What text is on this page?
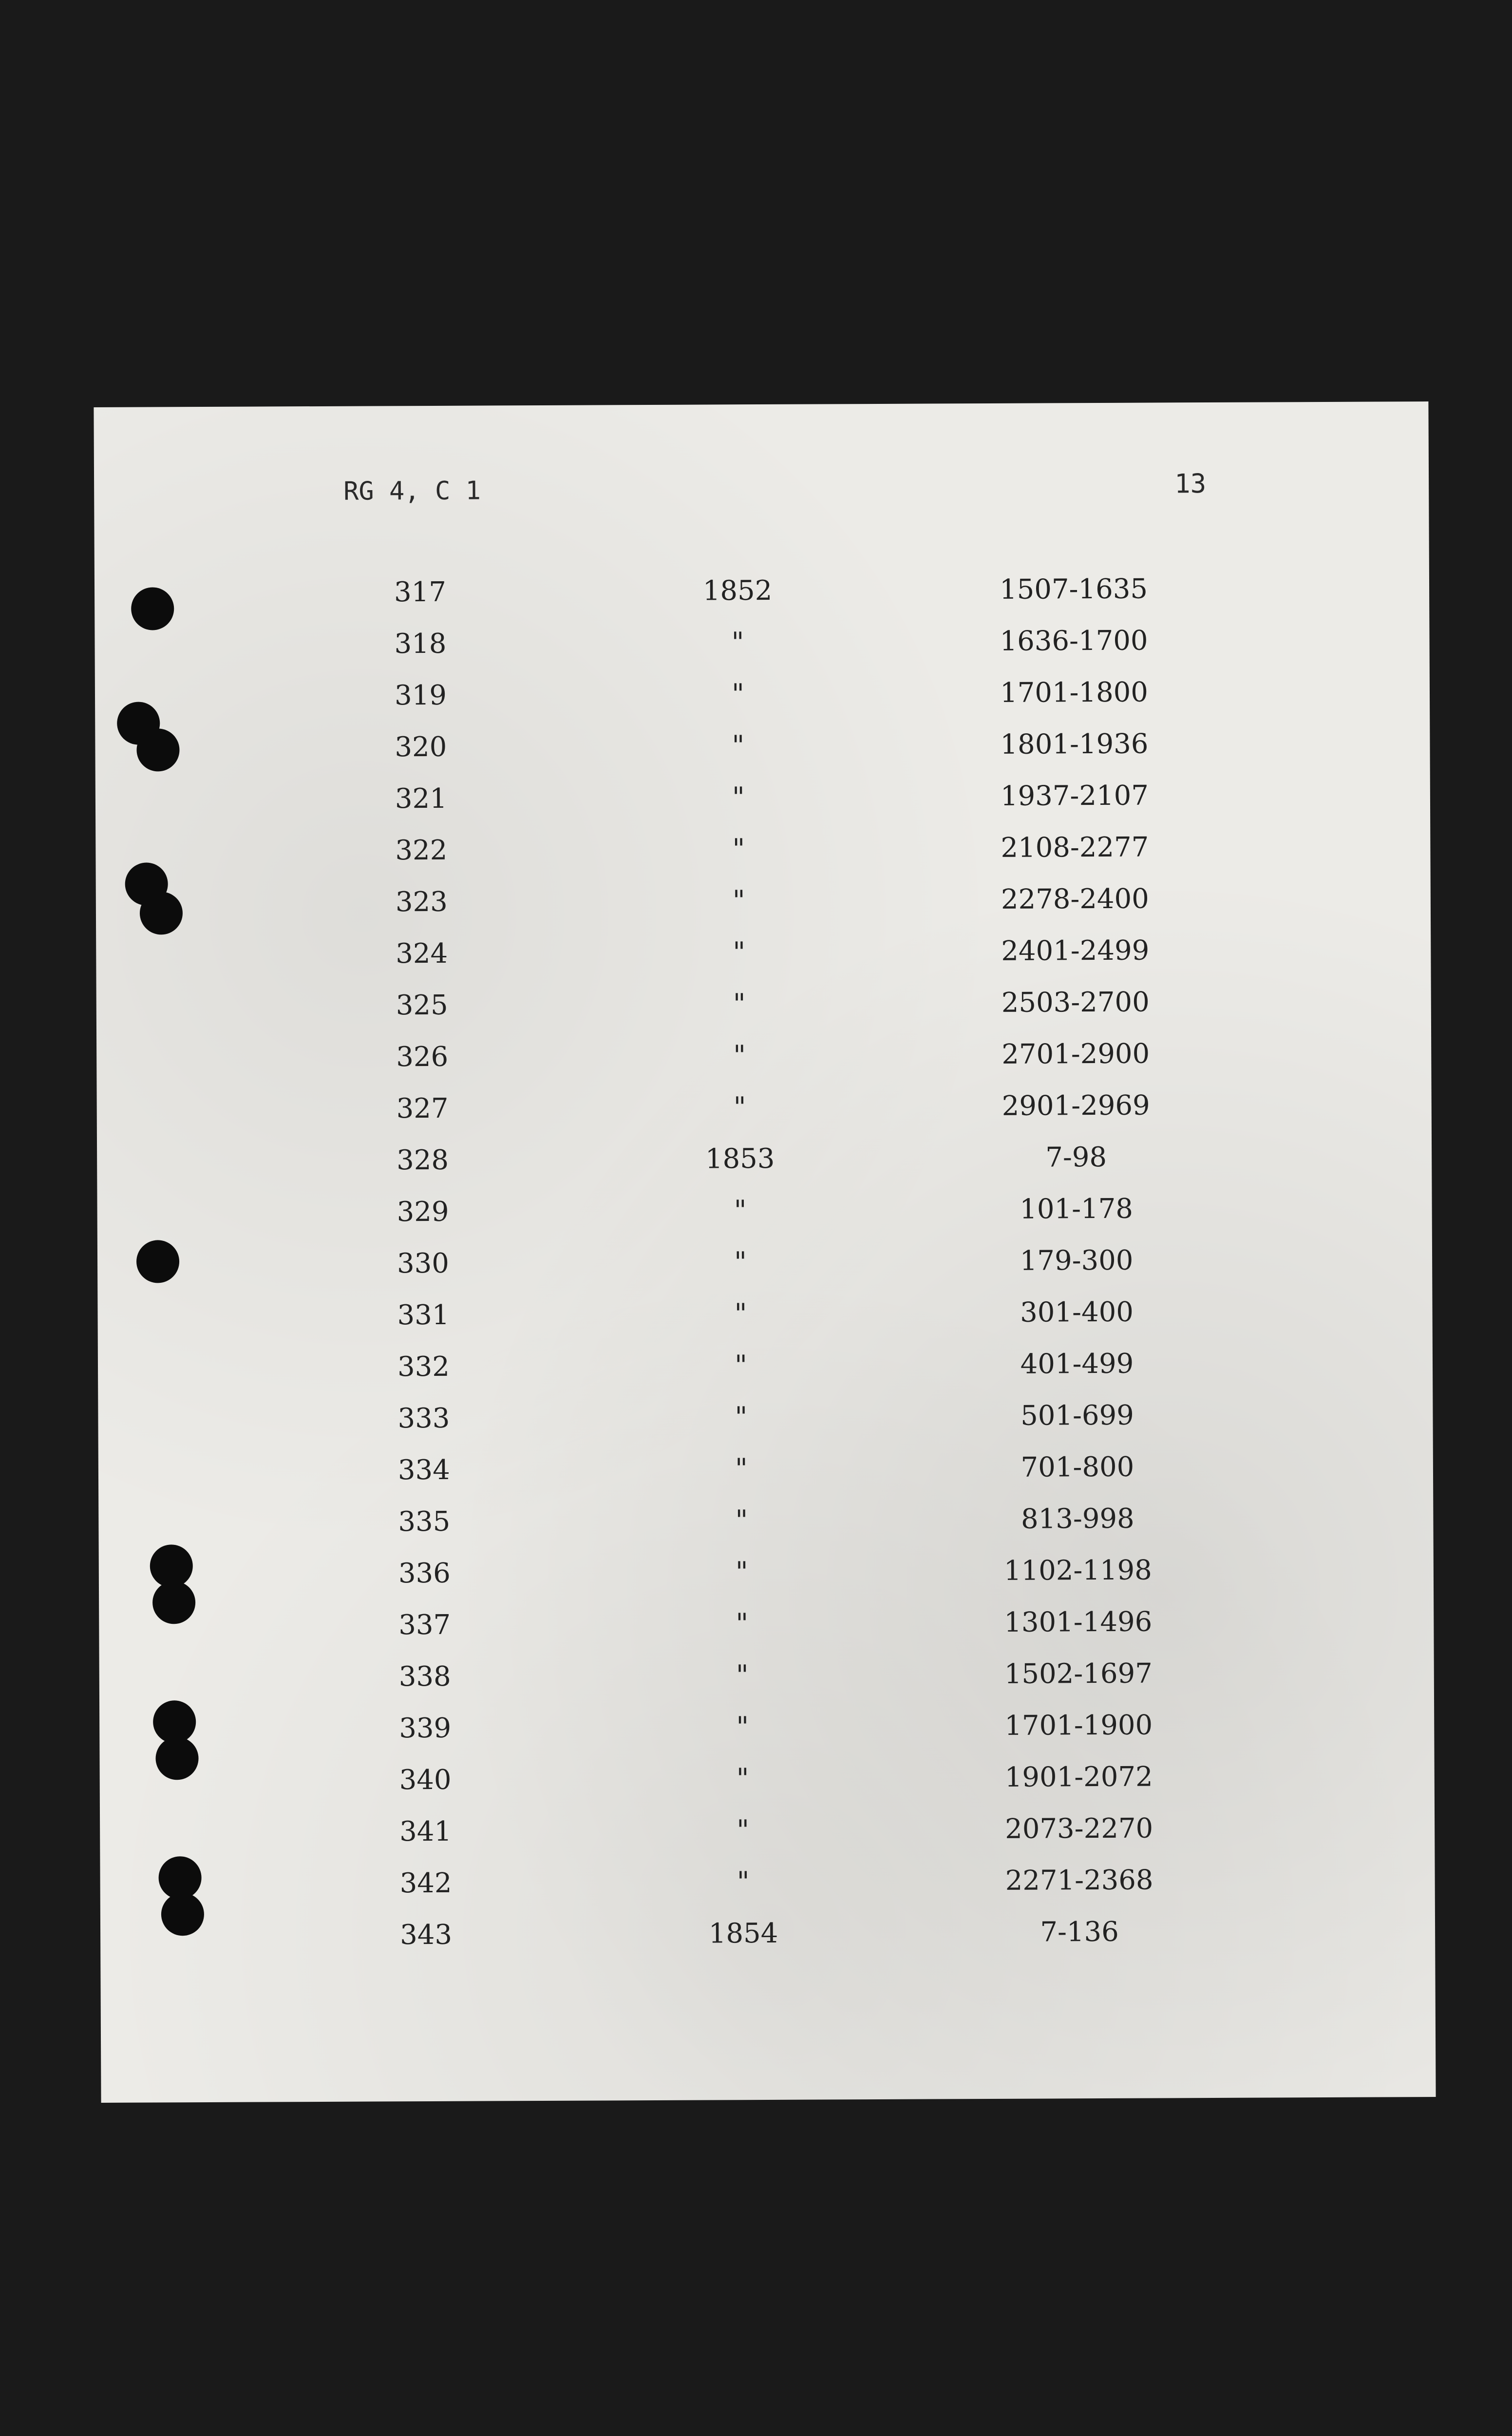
RG 4, C 1	13
317	1852	1507-1635
318	"	1636-1700
319	"	1701-1800
320	"	1801-1936
321	"	1937-2107
322	"	2108-2277
323	"	2278-2400
324	"	2401-2499
325	"	2503-2700
326	"	2701-2900
327	"	2901-2969
328	1853	7-98
329	"	101-178
330	"	179-300
331	"	301-400
332	"	401-499
333	"	501-699
334	"	701-800
335	"	813-998
336	"	1102-1198
337	"	1301-1496
338	"	1502-1697
339	"	1701-1900
340	"	1901-2072
341	"	2073-2270
342	"	2271-2368
343	1854	7-136
